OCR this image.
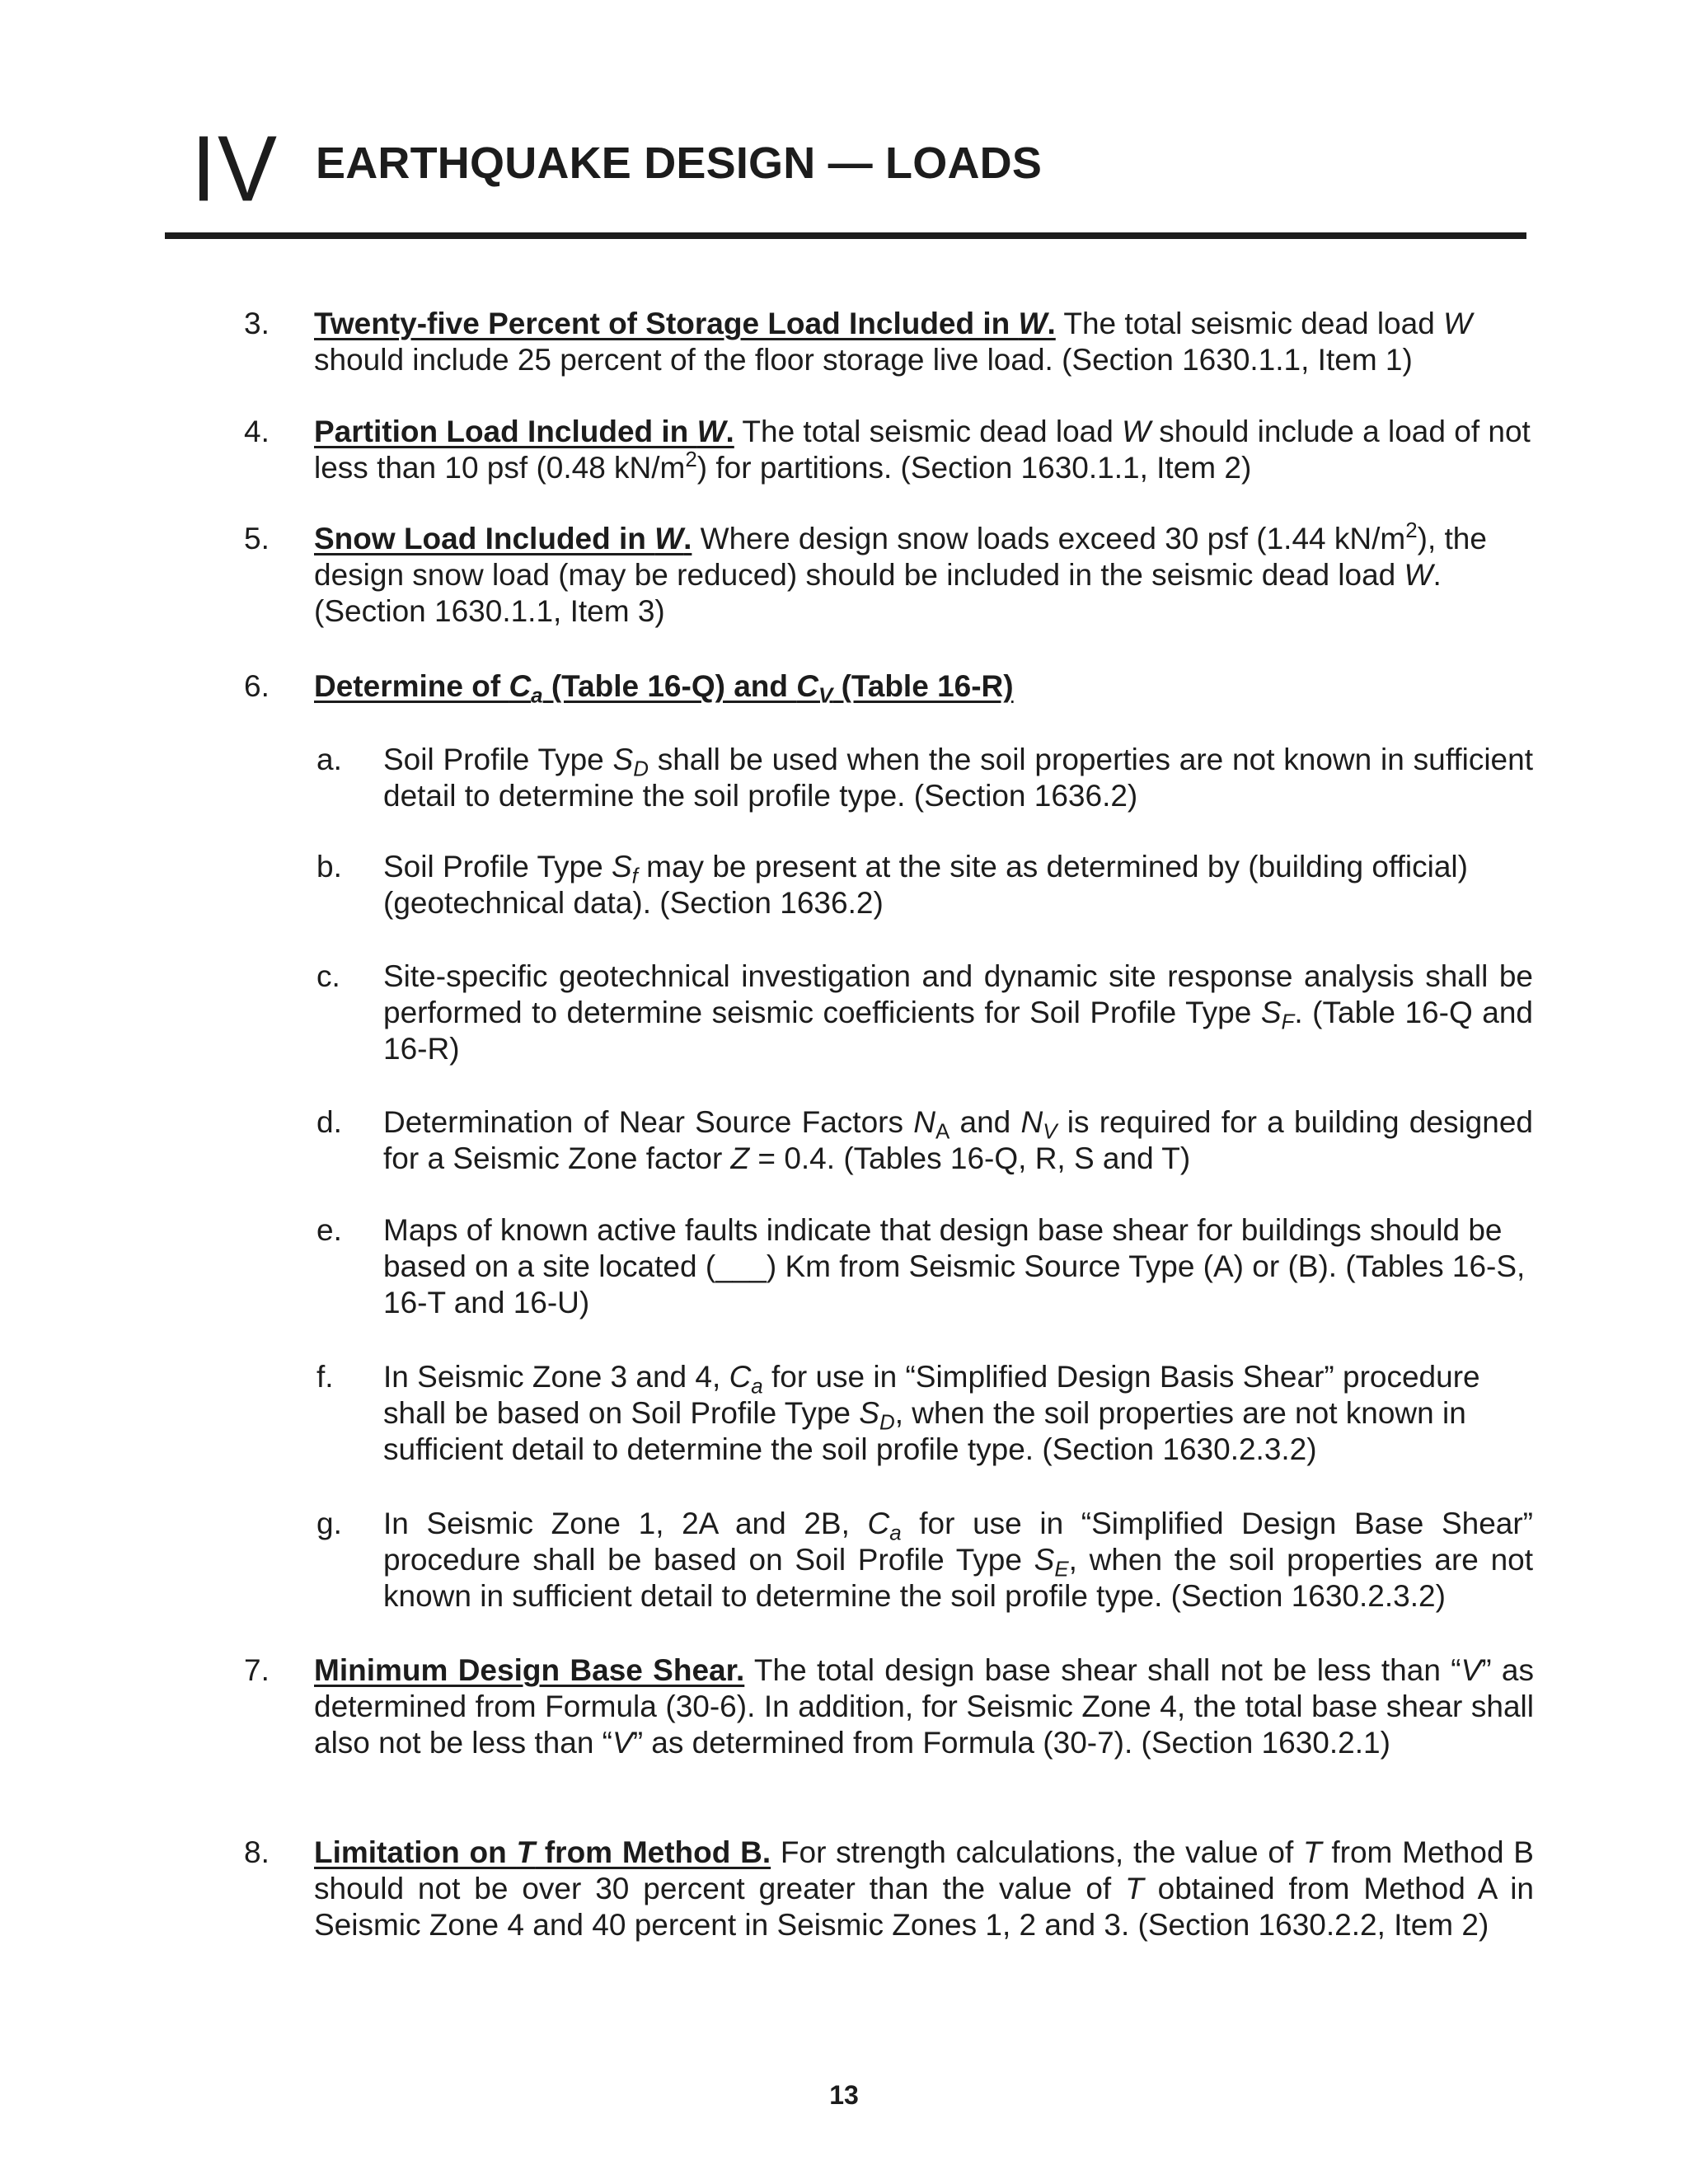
IV EARTHQUAKE DESIGN — LOADS
3.	Twenty-five Percent of Storage Load Included in W. The total seismic dead load W should include 25 percent of the floor storage live load. (Section 1630.1.1, Item 1)
4.	Partition Load Included in W. The total seismic dead load W should include a load of not less than 10 psf (0.48 $kN/m^2$) for partitions. (Section 1630.1.1, Item 2)
5.	Snow Load Included in W. Where design snow loads exceed 30 psf (1.44 $kN/m^2$), the design snow load (may be reduced) should be included in the seismic dead load W. (Section 1630.1.1, Item 3)
6.	Determine of $C_a$ (Table 16-Q) and $C_V$ (Table 16-R)
a.	Soil Profile Type $S_D$ shall be used when the soil properties are not known in sufficient detail to determine the soil profile type. (Section 1636.2)
b.	Soil Profile Type $S_f$ may be present at the site as determined by (building official) (geotechnical data). (Section 1636.2)
c.	Site-specific geotechnical investigation and dynamic site response analysis shall be performed to determine seismic coefficients for Soil Profile Type $S_F$. (Table 16-Q and 16-R)
d.	Determination of Near Source Factors $N_A$ and $N_V$ is required for a building designed for a Seismic Zone factor Z = 0.4. (Tables 16-Q, R, S and T)
e.	Maps of known active faults indicate that design base shear for buildings should be based on a site located (___) Km from Seismic Source Type (A) or (B). (Tables 16-S, 16-T and 16-U)
f.	In Seismic Zone 3 and 4, $C_a$ for use in “Simplified Design Basis Shear” procedure shall be based on Soil Profile Type $S_D$, when the soil properties are not known in sufficient detail to determine the soil profile type. (Section 1630.2.3.2)
g.	In Seismic Zone 1, 2A and 2B, $C_a$ for use in “Simplified Design Base Shear” procedure shall be based on Soil Profile Type $S_E$, when the soil properties are not known in sufficient detail to determine the soil profile type. (Section 1630.2.3.2)
7.	Minimum Design Base Shear. The total design base shear shall not be less than “V” as determined from Formula (30-6). In addition, for Seismic Zone 4, the total base shear shall also not be less than “V” as determined from Formula (30-7). (Section 1630.2.1)
8.	Limitation on T from Method B. For strength calculations, the value of T from Method B should not be over 30 percent greater than the value of T obtained from Method A in Seismic Zone 4 and 40 percent in Seismic Zones 1, 2 and 3. (Section 1630.2.2, Item 2)
13
